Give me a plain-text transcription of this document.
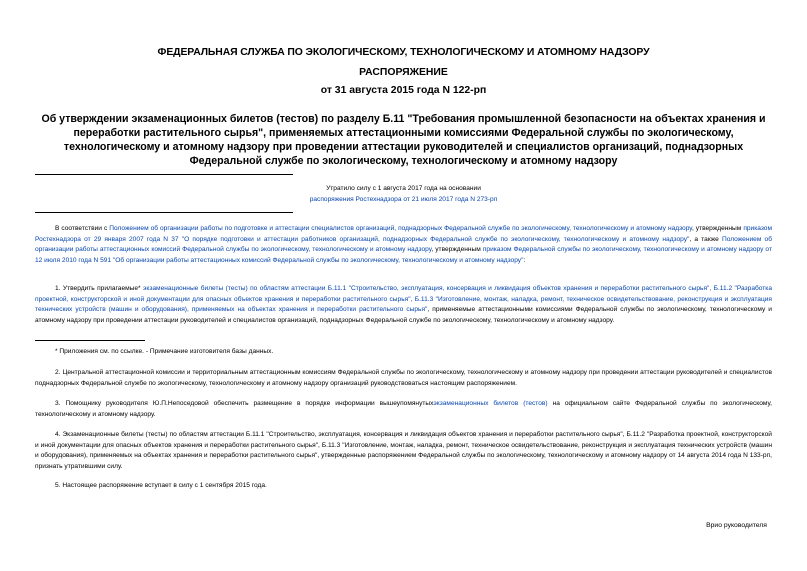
ФЕДЕРАЛЬНАЯ СЛУЖБА ПО ЭКОЛОГИЧЕСКОМУ, ТЕХНОЛОГИЧЕСКОМУ И АТОМНОМУ НАДЗОРУ
РАСПОРЯЖЕНИЕ
от 31 августа 2015 года N 122-рп
Об утверждении экзаменационных билетов (тестов) по разделу Б.11 "Требования промышленной безопасности на объектах хранения и переработки растительного сырья", применяемых аттестационными комиссиями Федеральной службы по экологическому, технологическому и атомному надзору при проведении аттестации руководителей и специалистов организаций, поднадзорных Федеральной службе по экологическому, технологическому и атомному надзору
Утратило силу с 1 августа 2017 года на основании
распоряжения Ростехнадзора от 21 июля 2017 года N 273-рп
В соответствии с Положением об организации работы по подготовке и аттестации специалистов организаций, поднадзорных Федеральной службе по экологическому, технологическому и атомному надзору, утвержденным приказом Ростехнадзора от 29 января 2007 года N 37 "О порядке подготовки и аттестации работников организаций, поднадзорных Федеральной службе по экологическому, технологическому и атомному надзору", а также Положением об организации работы аттестационных комиссий Федеральной службы по экологическому, технологическому и атомному надзору, утвержденным приказом Федеральной службы по экологическому, технологическому и атомному надзору от 12 июля 2010 года N 591 "Об организации работы аттестационных комиссий Федеральной службы по экологическому, технологическому и атомному надзору":
1. Утвердить прилагаемые* экзаменационные билеты (тесты) по областям аттестации Б.11.1 "Строительство, эксплуатация, консервация и ликвидация объектов хранения и переработки растительного сырья", Б.11.2 "Разработка проектной, конструкторской и иной документации для опасных объектов хранения и переработки растительного сырья", Б.11.3 "Изготовление, монтаж, наладка, ремонт, техническое освидетельствование, реконструкция и эксплуатация технических устройств (машин и оборудования), применяемых на объектах хранения и переработки растительного сырья", применяемые аттестационными комиссиями Федеральной службы по экологическому, технологическому и атомному надзору при проведении аттестации руководителей и специалистов организаций, поднадзорных Федеральной службе по экологическому, технологическому и атомному надзору.
* Приложения см. по ссылке. - Примечание изготовителя базы данных.
2. Центральной аттестационной комиссии и территориальным аттестационным комиссиям Федеральной службы по экологическому, технологическому и атомному надзору при проведении аттестации руководителей и специалистов поднадзорных Федеральной службе по экологическому, технологическому и атомному надзору организаций руководствоваться настоящим распоряжением.
3. Помощнику руководителя Ю.П.Непоседовой обеспечить размещение в порядке информации вышеупомянутыхэкзаменационных билетов (тестов) на официальном сайте Федеральной службы по экологическому, технологическому и атомному надзору.
4. Экзаменационные билеты (тесты) по областям аттестации Б.11.1 "Строительство, эксплуатация, консервация и ликвидация объектов хранения и переработки растительного сырья", Б.11.2 "Разработка проектной, конструкторской и иной документации для опасных объектов хранения и переработки растительного сырья", Б.11.3 "Изготовление, монтаж, наладка, ремонт, техническое освидетельствование, реконструкция и эксплуатация технических устройств (машин и оборудования), применяемых на объектах хранения и переработки растительного сырья", утвержденные распоряжением Федеральной службы по экологическому, технологическому и атомному надзору от 14 августа 2014 года N 133-рп, признать утратившими силу.
5. Настоящее распоряжение вступает в силу с 1 сентября 2015 года.
Врио руководителя
